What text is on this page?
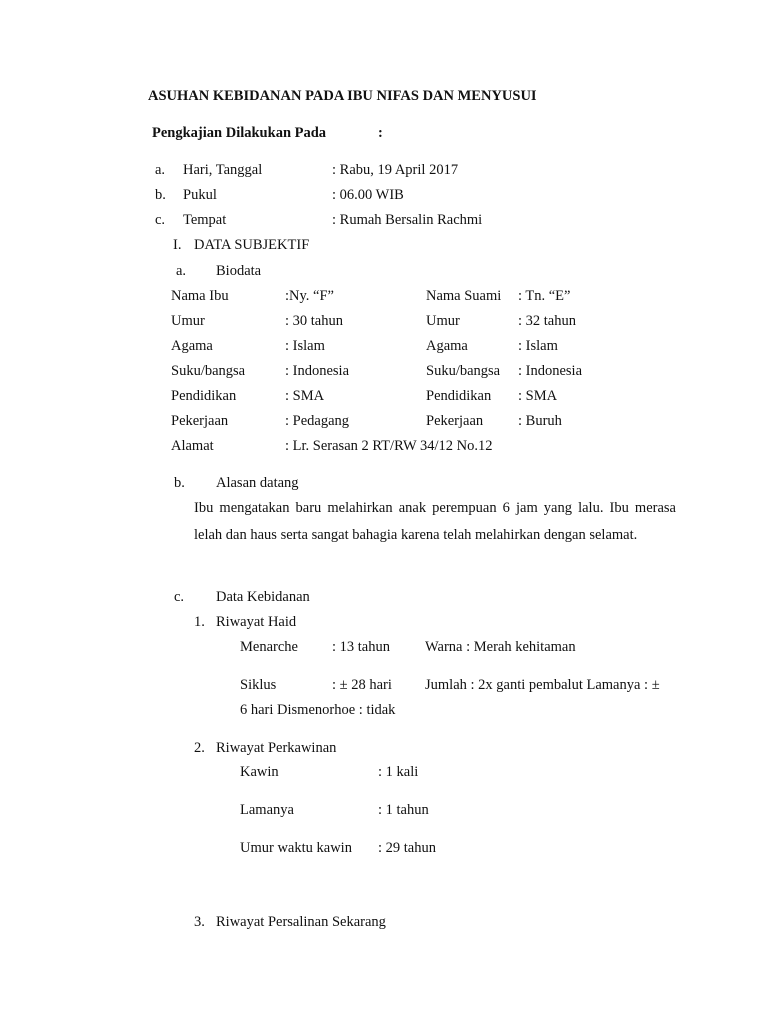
ASUHAN KEBIDANAN PADA IBU NIFAS DAN MENYUSUI
Pengkajian Dilakukan Pada	:
a. Hari, Tanggal	: Rabu, 19 April 2017
b. Pukul	: 06.00 WIB
c. Tempat	: Rumah Bersalin Rachmi
I. DATA SUBJEKTIF
a. Biodata
Nama Ibu	:Ny. “F”	Nama Suami : Tn. “E”
Umur	: 30 tahun	Umur	: 32 tahun
Agama	: Islam	Agama	: Islam
Suku/bangsa	: Indonesia	Suku/bangsa : Indonesia
Pendidikan	: SMA	Pendidikan : SMA
Pekerjaan	: Pedagang	Pekerjaan : Buruh
Alamat	: Lr. Serasan 2 RT/RW 34/12 No.12
b. Alasan datang
Ibu mengatakan baru melahirkan anak perempuan 6 jam yang lalu. Ibu merasa lelah dan haus serta sangat bahagia karena telah melahirkan dengan selamat.
c. Data Kebidanan
1. Riwayat Haid
Menarche : 13 tahun Warna : Merah kehitaman
Siklus	: ± 28 hari Jumlah : 2x ganti pembalut Lamanya : ±
6 hari Dismenorhoe : tidak
2. Riwayat Perkawinan
Kawin	: 1 kali
Lamanya	: 1 tahun
Umur waktu kawin : 29 tahun
3. Riwayat Persalinan Sekarang
